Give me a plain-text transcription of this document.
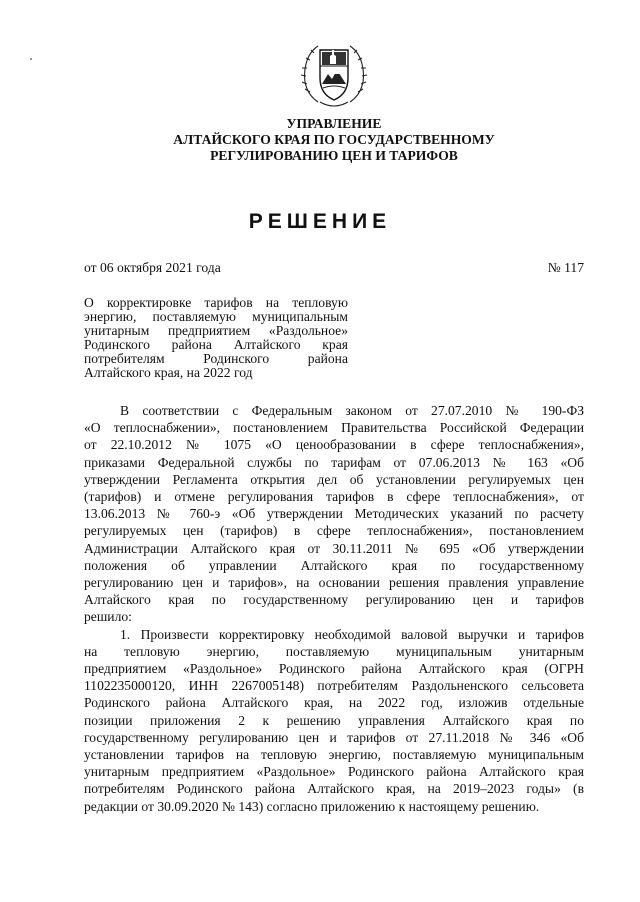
УПРАВЛЕНИЕ
АЛТАЙСКОГО КРАЯ ПО ГОСУДАРСТВЕННОМУ
РЕГУЛИРОВАНИЮ ЦЕН И ТАРИФОВ
РЕШЕНИЕ
от 06 октября 2021 года	№ 117
О корректировке тарифов на тепловую
энергию, поставляемую муниципальным
унитарным предприятием «Раздольное»
Родинского района Алтайского края
потребителям Родинского района
Алтайского края, на 2022 год
В соответствии с Федеральным законом от 27.07.2010 № 190-ФЗ
«О теплоснабжении», постановлением Правительства Российской Федерации
от 22.10.2012 № 1075 «О ценообразовании в сфере теплоснабжения»,
приказами Федеральной службы по тарифам от 07.06.2013 № 163 «Об
утверждении Регламента открытия дел об установлении регулируемых цен
(тарифов) и отмене регулирования тарифов в сфере теплоснабжения», от
13.06.2013 № 760-э «Об утверждении Методических указаний по расчету
регулируемых цен (тарифов) в сфере теплоснабжения», постановлением
Администрации Алтайского края от 30.11.2011 № 695 «Об утверждении
положения об управлении Алтайского края по государственному
регулированию цен и тарифов», на основании решения правления управление
Алтайского края по государственному регулированию цен и тарифов
решило:
1. Произвести корректировку необходимой валовой выручки и тарифов
на тепловую энергию, поставляемую муниципальным унитарным
предприятием «Раздольное» Родинского района Алтайского края (ОГРН
1102235000120, ИНН 2267005148) потребителям Раздольненского сельсовета
Родинского района Алтайского края, на 2022 год, изложив отдельные
позиции приложения 2 к решению управления Алтайского края по
государственному регулированию цен и тарифов от 27.11.2018 № 346 «Об
установлении тарифов на тепловую энергию, поставляемую муниципальным
унитарным предприятием «Раздольное» Родинского района Алтайского края
потребителям Родинского района Алтайского края, на 2019–2023 годы» (в
редакции от 30.09.2020 № 143) согласно приложению к настоящему решению.
